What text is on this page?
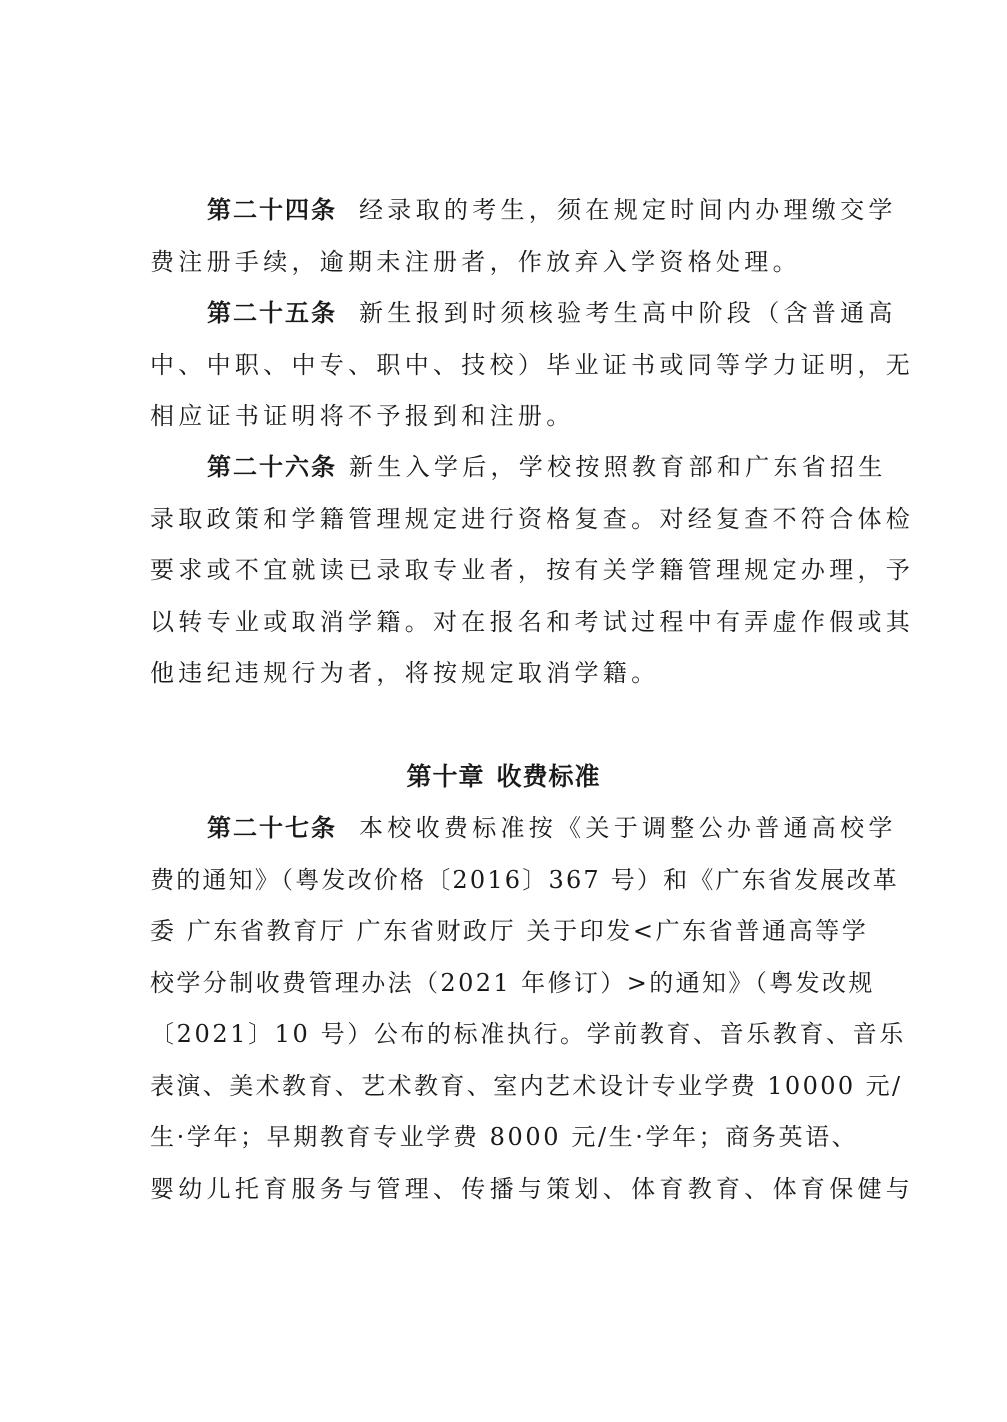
第二十四条 经录取的考生，须在规定时间内办理缴交学
费注册手续，逾期未注册者，作放弃入学资格处理。
第二十五条 新生报到时须核验考生高中阶段（含普通高
中、中职、中专、职中、技校）毕业证书或同等学力证明，无
相应证书证明将不予报到和注册。
第二十六条 新生入学后，学校按照教育部和广东省招生
录取政策和学籍管理规定进行资格复查。对经复查不符合体检
要求或不宜就读已录取专业者，按有关学籍管理规定办理，予
以转专业或取消学籍。对在报名和考试过程中有弄虚作假或其
他违纪违规行为者，将按规定取消学籍。
第十章 收费标准
第二十七条 本校收费标准按《关于调整公办普通高校学
费的通知》（粤发改价格〔2016〕367 号）和《广东省发展改革
委 广东省教育厅 广东省财政厅 关于印发<广东省普通高等学
校学分制收费管理办法（2021 年修订）>的通知》（粤发改规
〔2021〕10 号）公布的标准执行。学前教育、音乐教育、音乐
表演、美术教育、艺术教育、室内艺术设计专业学费 10000 元/
生·学年；早期教育专业学费 8000 元/生·学年；商务英语、
婴幼儿托育服务与管理、传播与策划、体育教育、体育保健与
